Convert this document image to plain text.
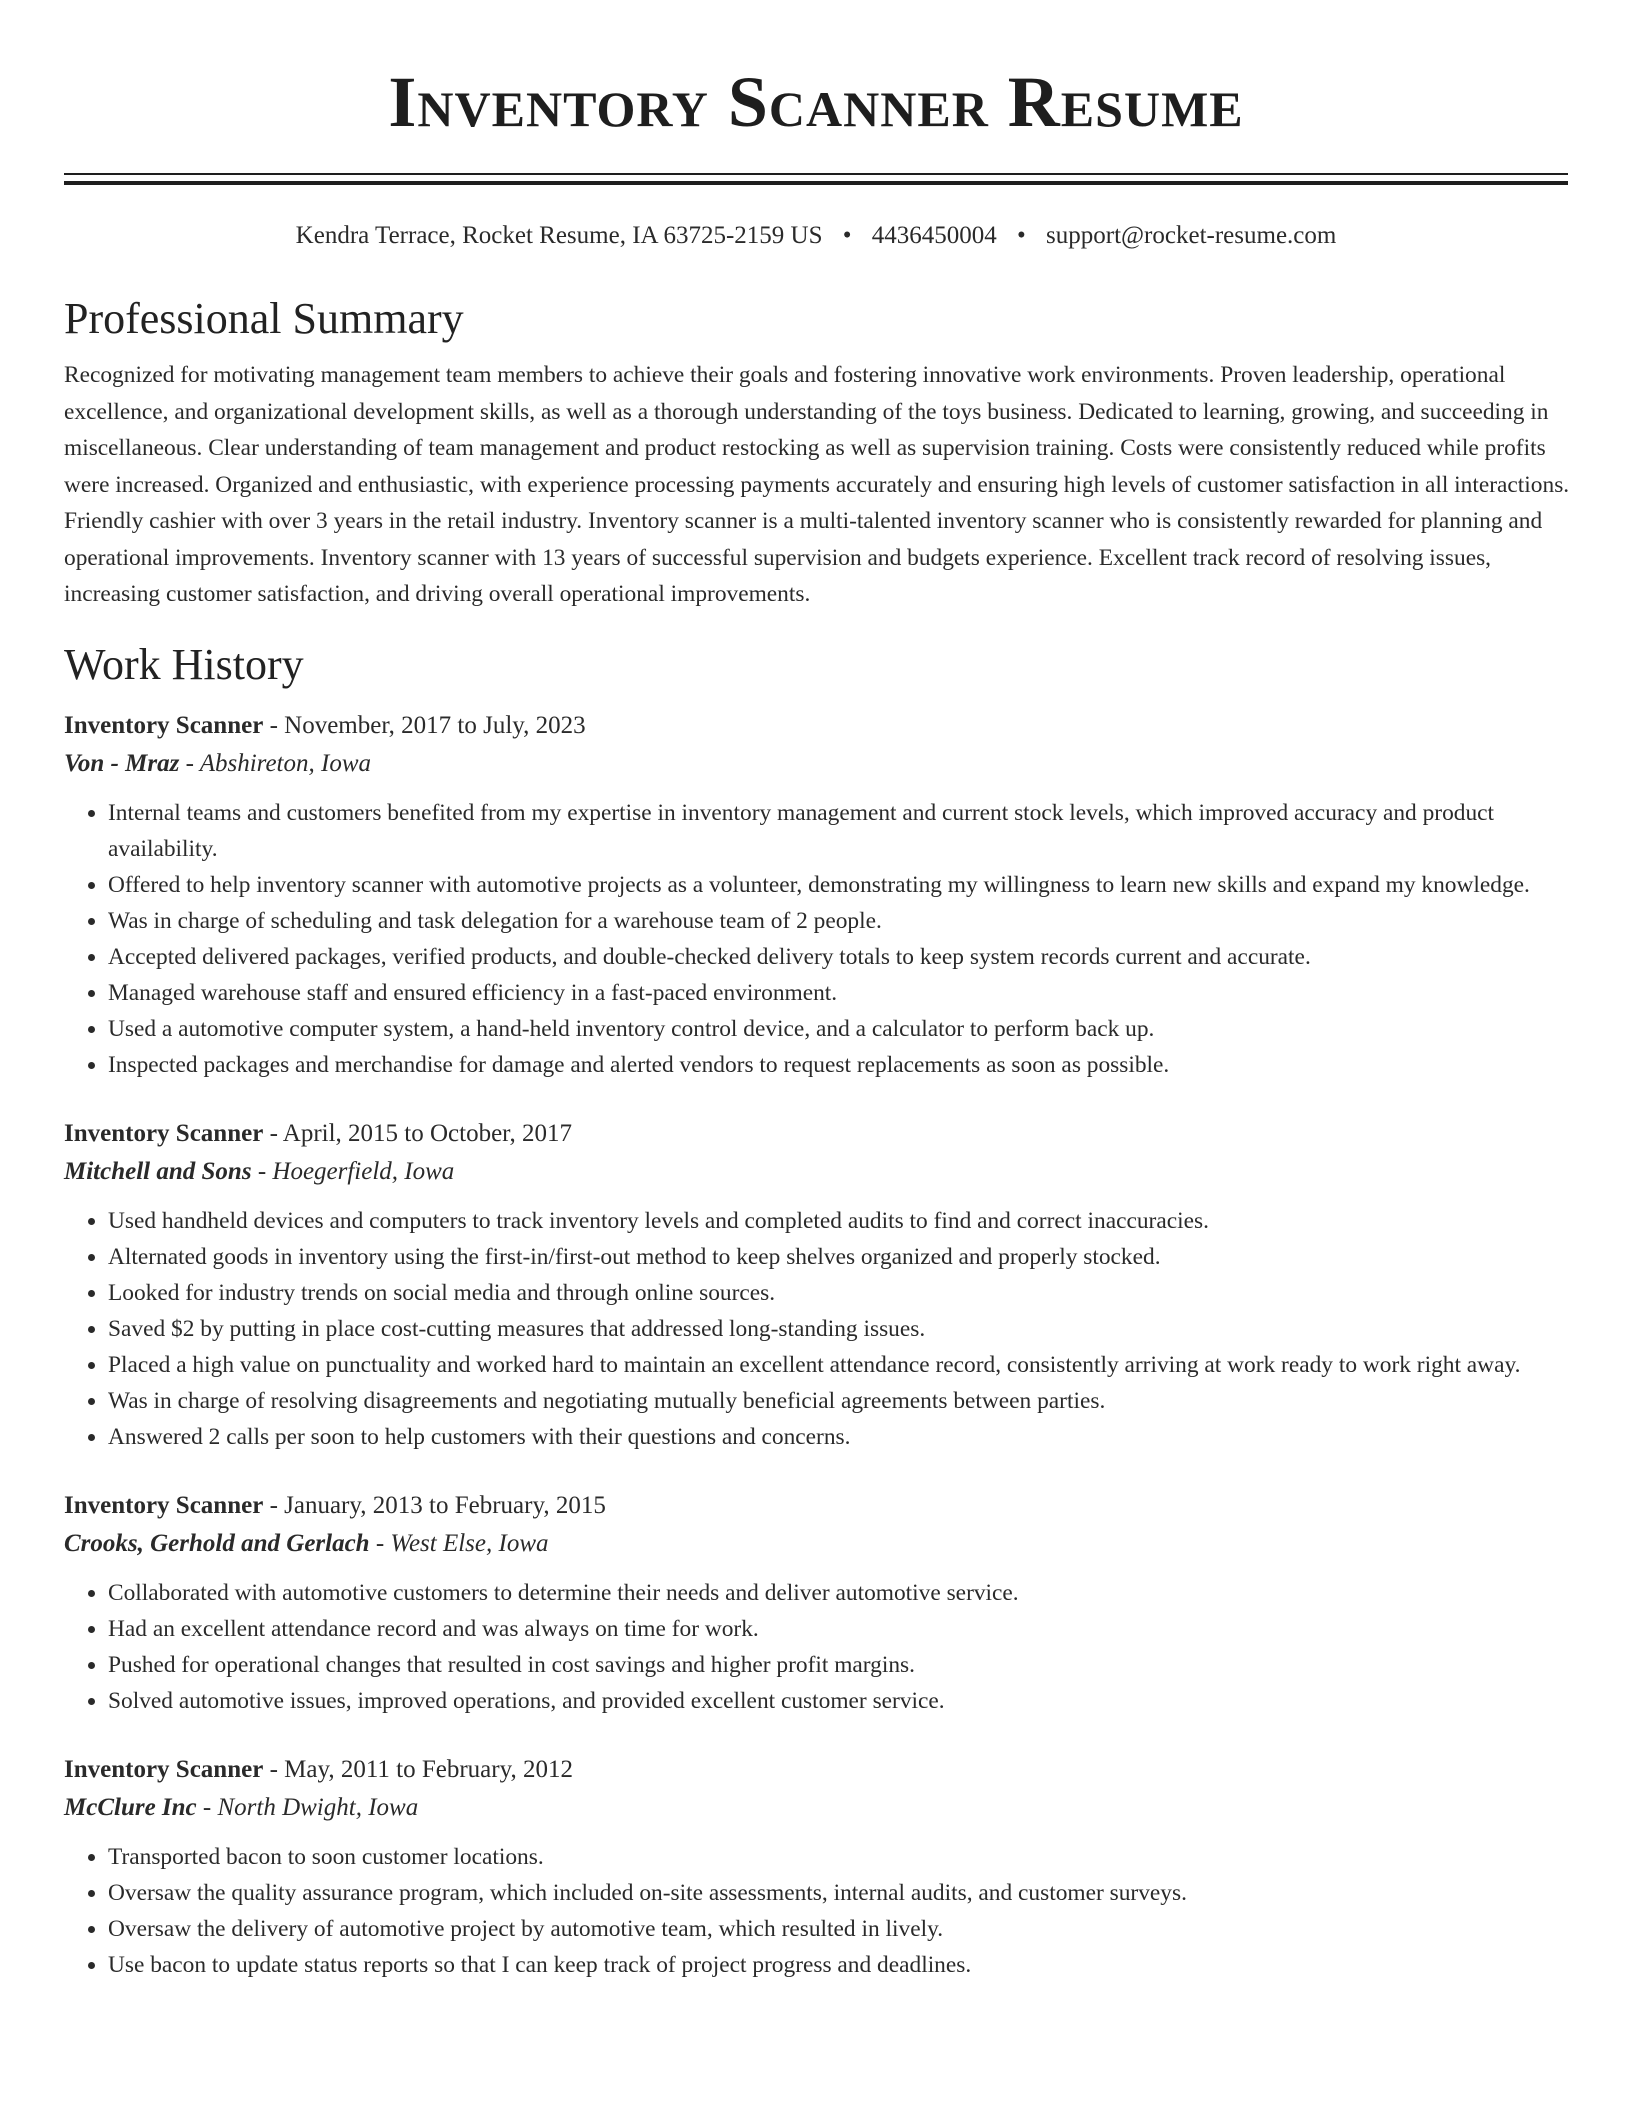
Inventory Scanner Resume
Kendra Terrace, Rocket Resume, IA 63725-2159 US • 4436450004 • support@rocket-resume.com
Professional Summary

Recognized for motivating management team members to achieve their goals and fostering innovative work environments. Proven leadership, operational excellence, and organizational development skills, as well as a thorough understanding of the toys business. Dedicated to learning, growing, and succeeding in miscellaneous. Clear understanding of team management and product restocking as well as supervision training. Costs were consistently reduced while profits were increased. Organized and enthusiastic, with experience processing payments accurately and ensuring high levels of customer satisfaction in all interactions. Friendly cashier with over 3 years in the retail industry. Inventory scanner is a multi-talented inventory scanner who is consistently rewarded for planning and operational improvements. Inventory scanner with 13 years of successful supervision and budgets experience. Excellent track record of resolving issues, increasing customer satisfaction, and driving overall operational improvements.

Work History
Inventory Scanner - November, 2017 to July, 2023
Von - Mraz - Abshireton, Iowa
• Internal teams and customers benefited from my expertise in inventory management and current stock levels, which improved accuracy and product availability.
• Offered to help inventory scanner with automotive projects as a volunteer, demonstrating my willingness to learn new skills and expand my knowledge.
• Was in charge of scheduling and task delegation for a warehouse team of 2 people.
• Accepted delivered packages, verified products, and double-checked delivery totals to keep system records current and accurate.
• Managed warehouse staff and ensured efficiency in a fast-paced environment.
• Used a automotive computer system, a hand-held inventory control device, and a calculator to perform back up.
• Inspected packages and merchandise for damage and alerted vendors to request replacements as soon as possible.
Inventory Scanner - April, 2015 to October, 2017
Mitchell and Sons - Hoegerfield, Iowa
• Used handheld devices and computers to track inventory levels and completed audits to find and correct inaccuracies.
• Alternated goods in inventory using the first-in/first-out method to keep shelves organized and properly stocked.
• Looked for industry trends on social media and through online sources.
• Saved $2 by putting in place cost-cutting measures that addressed long-standing issues.
• Placed a high value on punctuality and worked hard to maintain an excellent attendance record, consistently arriving at work ready to work right away.
• Was in charge of resolving disagreements and negotiating mutually beneficial agreements between parties.
• Answered 2 calls per soon to help customers with their questions and concerns.
Inventory Scanner - January, 2013 to February, 2015
Crooks, Gerhold and Gerlach - West Else, Iowa
• Collaborated with automotive customers to determine their needs and deliver automotive service.
• Had an excellent attendance record and was always on time for work.
• Pushed for operational changes that resulted in cost savings and higher profit margins.
• Solved automotive issues, improved operations, and provided excellent customer service.
Inventory Scanner - May, 2011 to February, 2012
McClure Inc - North Dwight, Iowa
• Transported bacon to soon customer locations.
• Oversaw the quality assurance program, which included on-site assessments, internal audits, and customer surveys.
• Oversaw the delivery of automotive project by automotive team, which resulted in lively.
• Use bacon to update status reports so that I can keep track of project progress and deadlines.
